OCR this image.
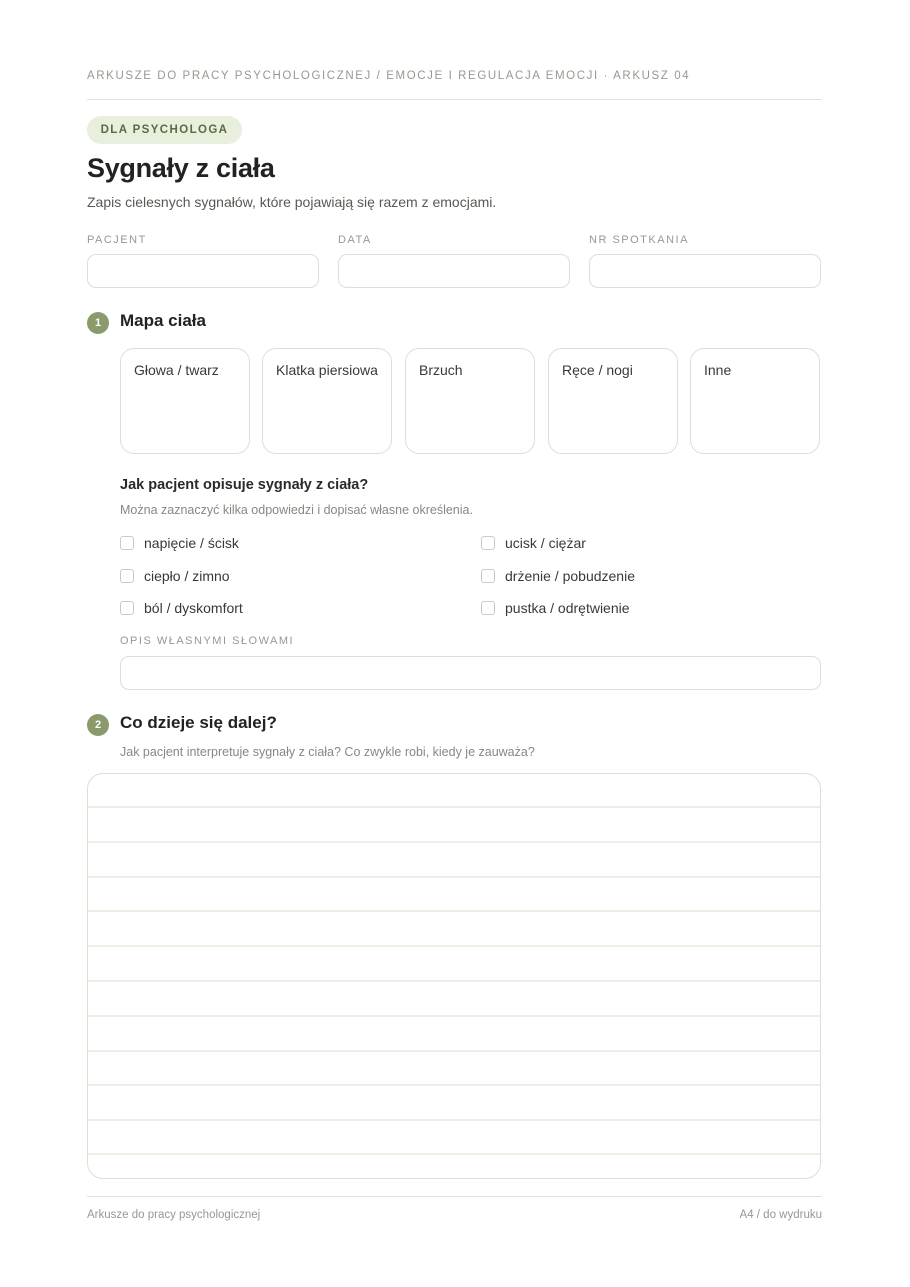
ARKUSZE DO PRACY PSYCHOLOGICZNEJ / EMOCJE I REGULACJA EMOCJI · ARKUSZ 04
DLA PSYCHOLOGA
Sygnały z ciała
Zapis cielesnych sygnałów, które pojawiają się razem z emocjami.
PACJENT	DATA	NR SPOTKANIA
1	Mapa ciała
Głowa / twarz	Klatka piersiowa	Brzuch	Ręce / nogi	Inne
Jak pacjent opisuje sygnały z ciała?
Można zaznaczyć kilka odpowiedzi i dopisać własne określenia.
napięcie / ścisk	ucisk / ciężar
ciepło / zimno	drżenie / pobudzenie
ból / dyskomfort	pustka / odrętwienie
OPIS WŁASNYMI SŁOWAMI
2	Co dzieje się dalej?
Jak pacjent interpretuje sygnały z ciała? Co zwykle robi, kiedy je zauważa?
Arkusze do pracy psychologicznej	A4 / do wydruku
